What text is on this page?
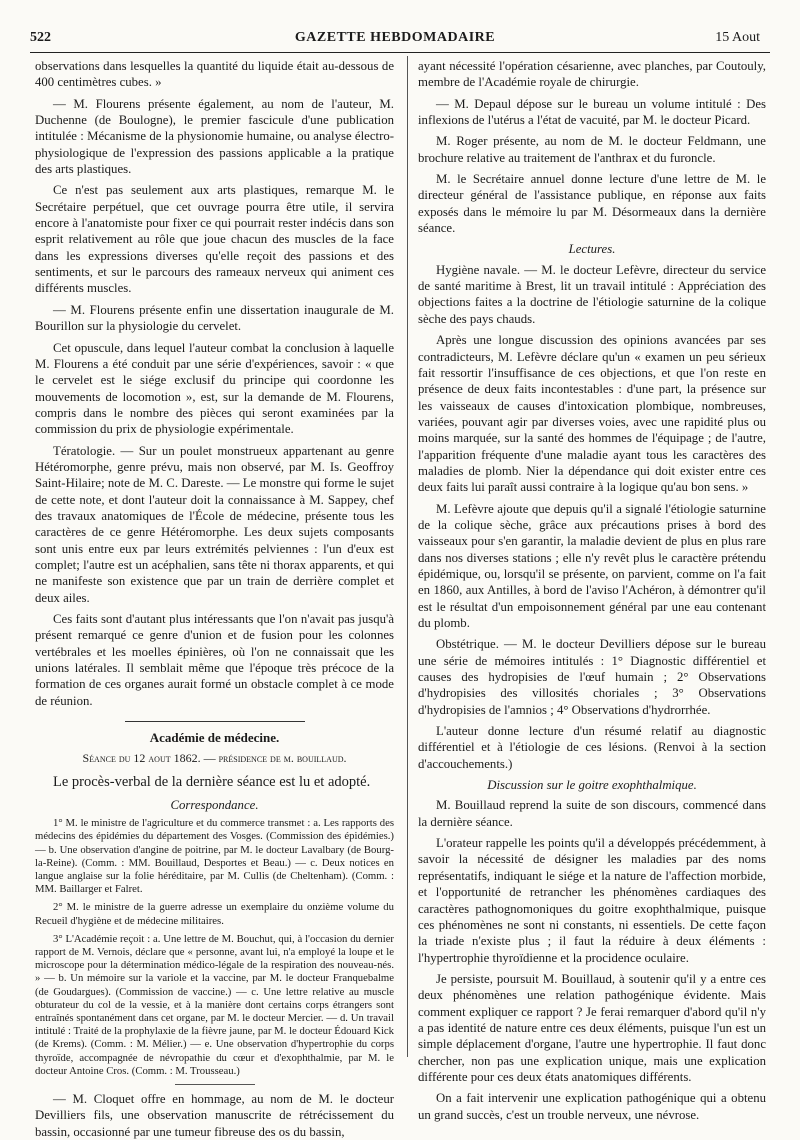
522	GAZETTE HEBDOMADAIRE	15 Aout

observations dans lesquelles la quantité du liquide était au-dessous de 400 centimètres cubes. »

— M. Flourens présente également, au nom de l'auteur, M. Duchenne (de Boulogne), le premier fascicule d'une publication intitulée : Mécanisme de la physionomie humaine, ou analyse électro-physiologique de l'expression des passions applicable a la pratique des arts plastiques.

Ce n'est pas seulement aux arts plastiques, remarque M. le Secrétaire perpétuel, que cet ouvrage pourra être utile, il servira encore à l'anatomiste pour fixer ce qui pourrait rester indécis dans son esprit relativement au rôle que joue chacun des muscles de la face dans les expressions diverses qu'elle reçoit des passions et des sentiments, et sur le parcours des rameaux nerveux qui animent ces différents muscles.

— M. Flourens présente enfin une dissertation inaugurale de M. Bourillon sur la physiologie du cervelet.

Cet opuscule, dans lequel l'auteur combat la conclusion à laquelle M. Flourens a été conduit par une série d'expériences, savoir : « que le cervelet est le siége exclusif du principe qui coordonne les mouvements de locomotion », est, sur la demande de M. Flourens, compris dans le nombre des pièces qui seront examinées par la commission du prix de physiologie expérimentale.

Tératologie. — Sur un poulet monstrueux appartenant au genre Hétéromorphe, genre prévu, mais non observé, par M. Is. Geoffroy Saint-Hilaire; note de M. C. Dareste. — Le monstre qui forme le sujet de cette note, et dont l'auteur doit la connaissance à M. Sappey, chef des travaux anatomiques de l'École de médecine, présente tous les caractères de ce genre Hétéromorphe. Les deux sujets composants sont unis entre eux par leurs extrémités pelviennes : l'un d'eux est complet; l'autre est un acéphalien, sans tête ni thorax apparents, et qui ne manifeste son existence que par un train de derrière complet et deux ailes.

Ces faits sont d'autant plus intéressants que l'on n'avait pas jusqu'à présent remarqué ce genre d'union et de fusion pour les colonnes vertébrales et les moelles épinières, où l'on ne connaissait que les unions latérales. Il semblait même que l'époque très précoce de la formation de ces organes aurait formé un obstacle complet à ce mode de réunion.

Académie de médecine.

Séance du 12 aout 1862. — présidence de m. bouillaud.

Le procès-verbal de la dernière séance est lu et adopté.

Correspondance.

1° M. le ministre de l'agriculture et du commerce transmet : a. Les rapports des médecins des épidémies du département des Vosges. (Commission des épidémies.) — b. Une observation d'angine de poitrine, par M. le docteur Lavalbary (de Bourg-la-Reine). (Comm. : MM. Bouillaud, Desportes et Beau.) — c. Deux notices en langue anglaise sur la folie héréditaire, par M. Cullis (de Cheltenham). (Comm. : MM. Baillarger et Falret.

2° M. le ministre de la guerre adresse un exemplaire du onzième volume du Recueil d'hygiène et de médecine militaires.

3° L'Académie reçoit : a. Une lettre de M. Bouchut, qui, à l'occasion du dernier rapport de M. Vernois, déclare que « personne, avant lui, n'a employé la loupe et le microscope pour la détermination médico-légale de la respiration des nouveau-nés. » — b. Un mémoire sur la variole et la vaccine, par M. le docteur Franquebalme (de Goudargues). (Commission de vaccine.) — c. Une lettre relative au muscle obturateur du col de la vessie, et à la manière dont certains corps étrangers sont entraînés spontanément dans cet organe, par M. le docteur Mercier. — d. Un travail intitulé : Traité de la prophylaxie de la fièvre jaune, par M. le docteur Édouard Kick (de Krems). (Comm. : M. Mélier.) — e. Une observation d'hypertrophie du corps thyroïde, accompagnée de névropathie du cœur et d'exophthalmie, par M. le docteur Antoine Cros. (Comm. : M. Trousseau.)

— M. Cloquet offre en hommage, au nom de M. le docteur Devilliers fils, une observation manuscrite de rétrécissement du bassin, occasionné par une tumeur fibreuse des os du bassin,

ayant nécessité l'opération césarienne, avec planches, par Coutouly, membre de l'Académie royale de chirurgie.

— M. Depaul dépose sur le bureau un volume intitulé : Des inflexions de l'utérus a l'état de vacuité, par M. le docteur Picard.

M. Roger présente, au nom de M. le docteur Feldmann, une brochure relative au traitement de l'anthrax et du furoncle.

M. le Secrétaire annuel donne lecture d'une lettre de M. le directeur général de l'assistance publique, en réponse aux faits exposés dans le mémoire lu par M. Désormeaux dans la dernière séance.

Lectures.

Hygiène navale. — M. le docteur Lefèvre, directeur du service de santé maritime à Brest, lit un travail intitulé : Appréciation des objections faites a la doctrine de l'étiologie saturnine de la colique sèche des pays chauds.

Après une longue discussion des opinions avancées par ses contradicteurs, M. Lefèvre déclare qu'un « examen un peu sérieux fait ressortir l'insuffisance de ces objections, et que l'on reste en présence de deux faits incontestables : d'une part, la présence sur les vaisseaux de causes d'intoxication plombique, nombreuses, variées, pouvant agir par diverses voies, avec une rapidité plus ou moins marquée, sur la santé des hommes de l'équipage ; de l'autre, l'apparition fréquente d'une maladie ayant tous les caractères des maladies de plomb. Nier la dépendance qui doit exister entre ces deux faits lui paraît aussi contraire à la logique qu'au bon sens. »

M. Lefèvre ajoute que depuis qu'il a signalé l'étiologie saturnine de la colique sèche, grâce aux précautions prises à bord des vaisseaux pour s'en garantir, la maladie devient de plus en plus rare dans nos diverses stations ; elle n'y revêt plus le caractère prétendu épidémique, ou, lorsqu'il se présente, on parvient, comme on l'a fait en 1860, aux Antilles, à bord de l'aviso l'Achéron, à démontrer qu'il est le résultat d'un empoisonnement général par une eau contenant du plomb.

Obstétrique. — M. le docteur Devilliers dépose sur le bureau une série de mémoires intitulés : 1° Diagnostic différentiel et causes des hydropisies de l'œuf humain ; 2° Observations d'hydropisies des villosités choriales ; 3° Observations d'hydropisies de l'amnios ; 4° Observations d'hydrorrhée.

L'auteur donne lecture d'un résumé relatif au diagnostic différentiel et à l'étiologie de ces lésions. (Renvoi à la section d'accouchements.)

Discussion sur le goitre exophthalmique.

M. Bouillaud reprend la suite de son discours, commencé dans la dernière séance.

L'orateur rappelle les points qu'il a développés précédemment, à savoir la nécessité de désigner les maladies par des noms représentatifs, indiquant le siége et la nature de l'affection morbide, et l'opportunité de retrancher les phénomènes cardiaques des caractères pathognomoniques du goitre exophthalmique, puisque ces phénomènes ne sont ni constants, ni essentiels. De cette façon la triade n'existe plus ; il faut la réduire à deux éléments : l'hypertrophie thyroïdienne et la procidence oculaire.

Je persiste, poursuit M. Bouillaud, à soutenir qu'il y a entre ces deux phénomènes une relation pathogénique évidente. Mais comment expliquer ce rapport ? Je ferai remarquer d'abord qu'il n'y a pas identité de nature entre ces deux éléments, puisque l'un est un simple déplacement d'organe, l'autre une hypertrophie. Il faut donc chercher, non pas une explication unique, mais une explication différente pour ces deux états anatomiques différents.

On a fait intervenir une explication pathogénique qui a obtenu un grand succès, c'est un trouble nerveux, une névrose.
